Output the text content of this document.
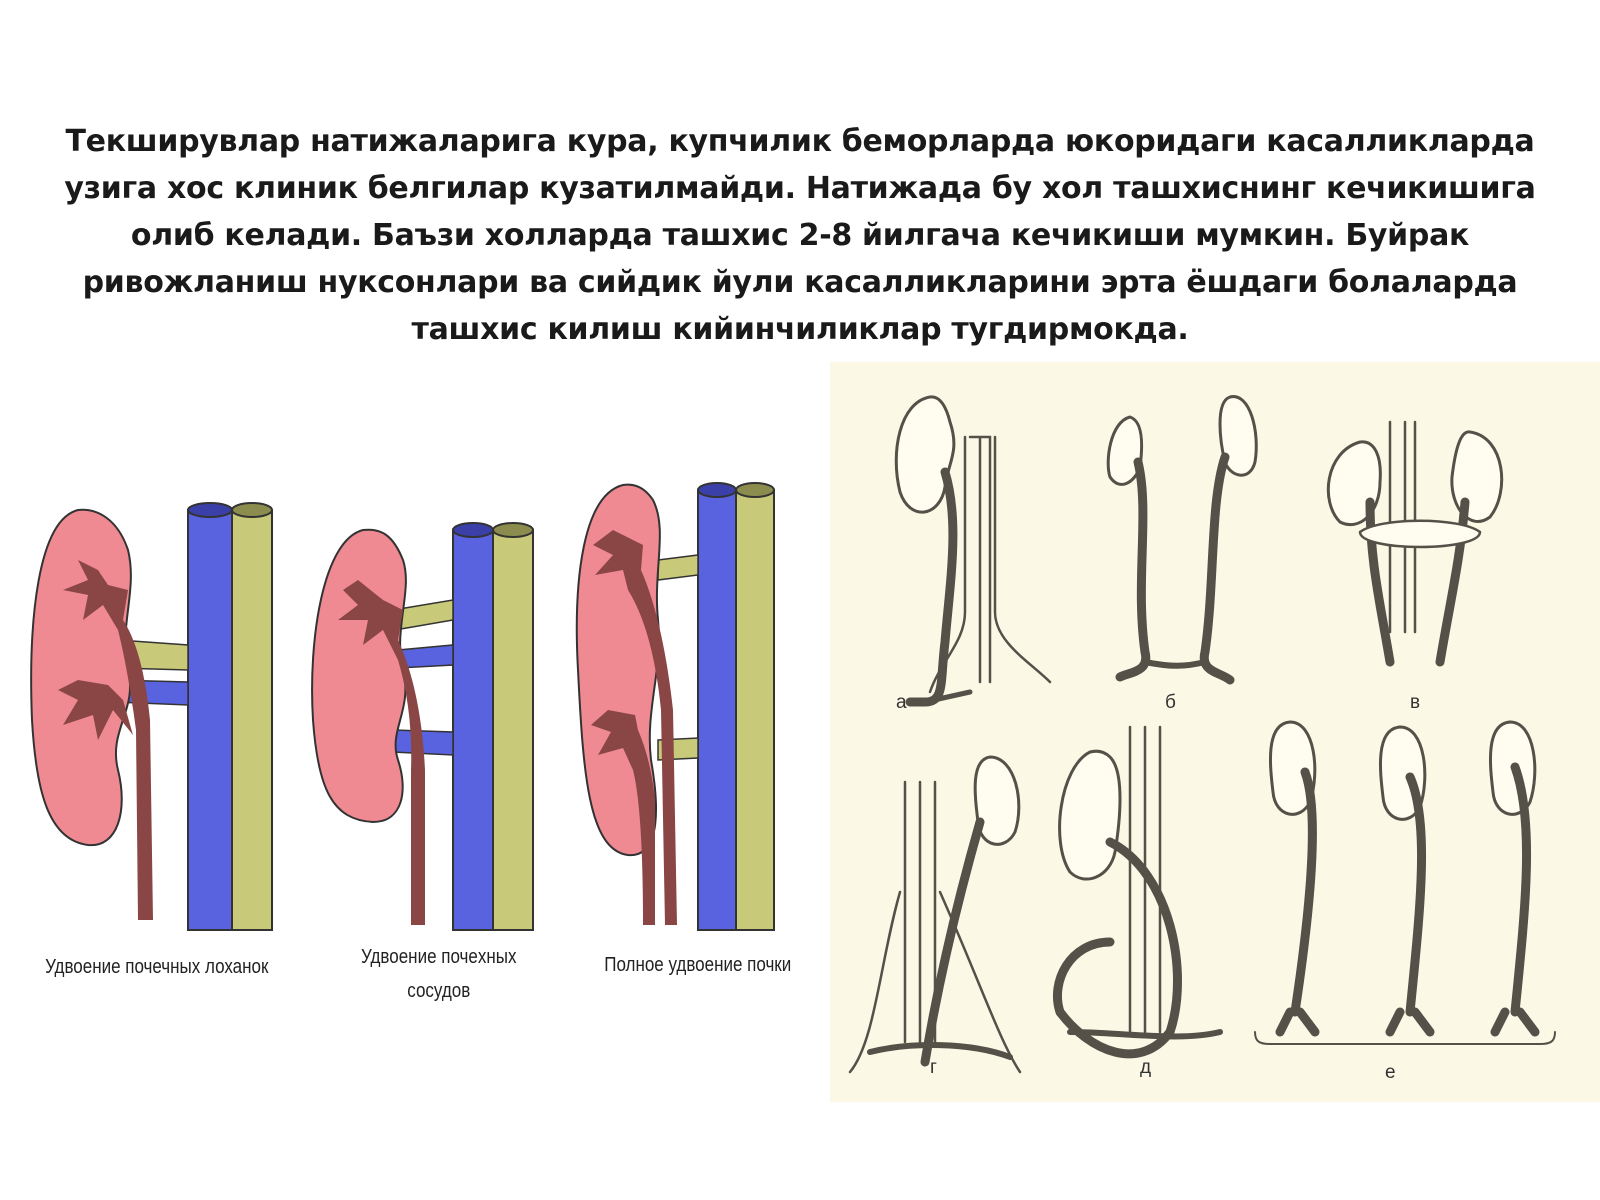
Текширувлар натижаларига кура, купчилик беморларда юкоридаги касалликларда узига хос клиник белгилар кузатилмайди. Натижада бу хол ташхиснинг кечикишига олиб келади. Баъзи холларда ташхис 2-8 йилгача кечикиши мумкин. Буйрак ривожланиш нуксонлари ва сийдик йули касалликларини эрта ёшдаги болаларда ташхис килиш кийинчиликлар тугдирмокда.

Удвоение почечных лоханок	Удвоение почеxных сосудов
Полное удвоение почки
а	б	в
г	д	е
